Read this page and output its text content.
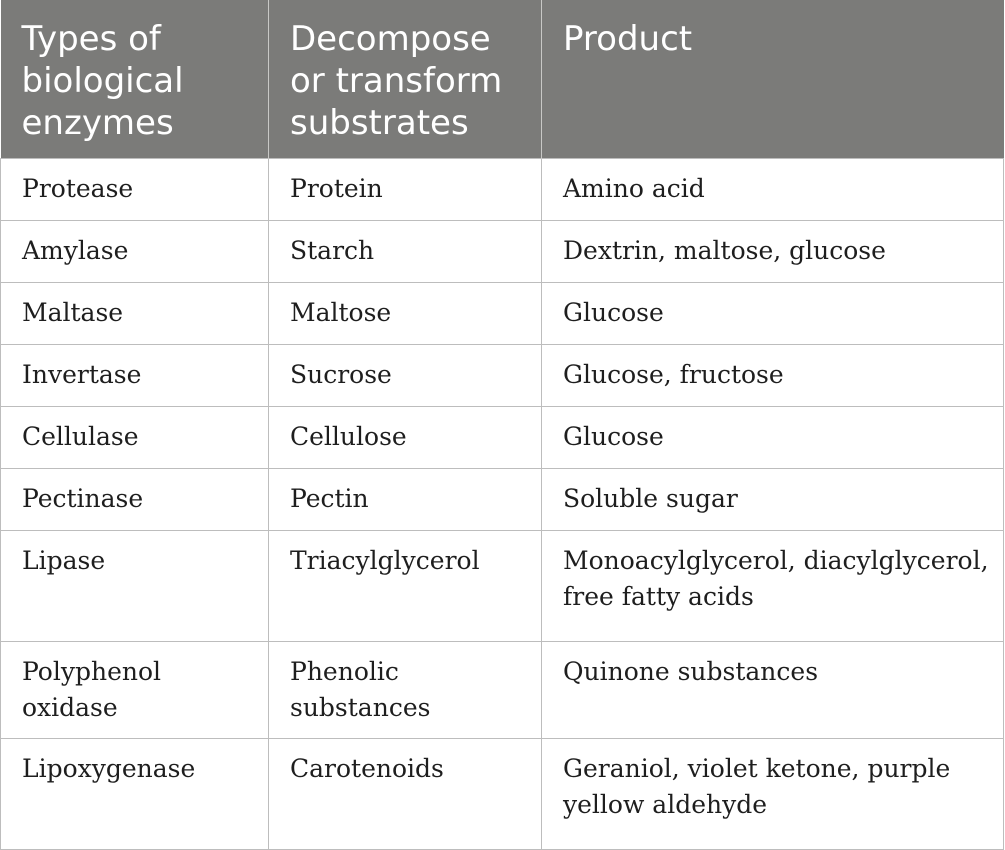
Types of biological enzymes	Decompose or transform substrates	Product
Protease	Protein	Amino acid
Amylase	Starch	Dextrin, maltose, glucose
Maltase	Maltose	Glucose
Invertase	Sucrose	Glucose, fructose
Cellulase	Cellulose	Glucose
Pectinase	Pectin	Soluble sugar
Lipase	Triacylglycerol	Monoacylglycerol, diacylglycerol, free fatty acids
Polyphenol oxidase	Phenolic substances	Quinone substances
Lipoxygenase	Carotenoids	Geraniol, violet ketone, purple yellow aldehyde
